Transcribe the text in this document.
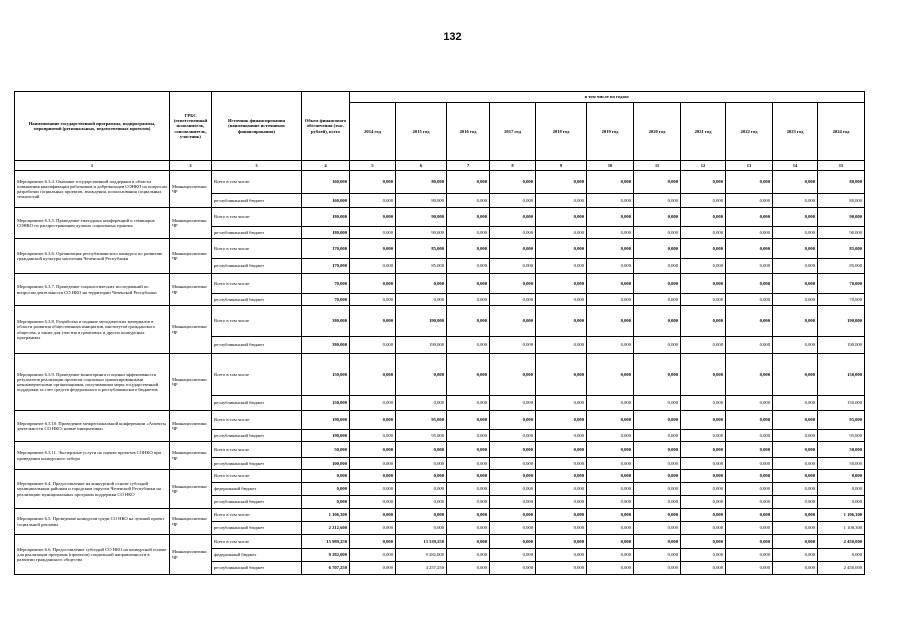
132
Наименование государственной программы, подпрограммы, мероприятий (региональных, ведомственных проектов)	ГРБС (ответственный исполнитель, соисполнитель, участник)	Источник финансирования (наименование источников финансирования)	Объем финансового обеспечения (тыс. рублей), всего	в том числе по годам:										
				2014 год	2015 год	2016 год	2017 год	2018 год	2019 год	2020 год	2021 год	2022 год	2023 год	2024 год
1	2	3	4	5	6	7	8	9	10	11	12	13	14	15
Мероприятие 6.3.4. Оказание государственной поддержки в области повышения квалификации работников и добровольцев СОНКО по вопросам разработки социальных проектов, вхождения, использования социальных технологий	Миннацполитики ЧР	Всего в том числе:	160,000	0,000	80,000	0,000	0,000	0,000	0,000	0,000	0,000	0,000	0,000	80,000
		республиканский бюджет	160,000	0,000	80,000	0,000	0,000	0,000	0,000	0,000	0,000	0,000	0,000	80,000
Мероприятие 6.3.5. Проведение ежегодных конференций и семинаров СОНКО по распространению лучших социальных практик	Миннацполитики ЧР	Всего в том числе:	180,000	0,000	90,000	0,000	0,000	0,000	0,000	0,000	0,000	0,000	0,000	90,000
		республиканский бюджет	180,000	0,000	90,000	0,000	0,000	0,000	0,000	0,000	0,000	0,000	0,000	90,000
Мероприятие 6.3.6. Организация республиканского конкурса по развитию гражданской культуры населения Чеченской Республики	Миннацполитики ЧР	Всего в том числе	170,000	0,000	85,000	0,000	0,000	0,000	0,000	0,000	0,000	0,000	0,000	85,000
		республиканский бюджет	170,000	0,000	85,000	0,000	0,000	0,000	0,000	0,000	0,000	0,000	0,000	85,000
Мероприятие 6.3.7. Проведение социологических исследований по вопросам деятельности СО НКО на территории Чеченской Республики	Миннацполитики ЧР	Всего в том числе:	70,000	0,000	0,000	0,000	0,000	0,000	0,000	0,000	0,000	0,000	0,000	70,000
		республиканский бюджет	70,000	0,000	0,000	0,000	0,000	0,000	0,000	0,000	0,000	0,000	0,000	70,000
Мероприятие 6.3.8. Разработка и издание методических материалов в области развития общественных инициатив, институтов гражданского общества, а также для участия в грантовых и других конкурсных программах	Миннацполитики ЧР	Всего в том числе	380,000	0,000	190,000	0,000	0,000	0,000	0,000	0,000	0,000	0,000	0,000	190,000
		республиканский бюджет	380,000	0,000	190,000	0,000	0,000	0,000	0,000	0,000	0,000	0,000	0,000	190,000
Мероприятие 6.3.9. Проведение мониторинга и оценки эффективности результатов реализации проектов социально ориентированными некоммерческими организациями, получившими меры государственной поддержки за счет средств федерального и республиканского бюджетов	Миннацполитики ЧР	Всего в том числе	150,000	0,000	0,000	0,000	0,000	0,000	0,000	0,000	0,000	0,000	0,000	150,000
		республиканский бюджет	150,000	0,000	0,000	0,000	0,000	0,000	0,000	0,000	0,000	0,000	0,000	150,000
Мероприятие 6.3.10. Проведение межрегиональной конференции «Аспекты деятельности СО НКО: новые инициативы»	Миннацполитики ЧР	Всего в том числе:	190,000	0,000	95,000	0,000	0,000	0,000	0,000	0,000	0,000	0,000	0,000	95,000
		республиканский бюджет	190,000	0,000	95,000	0,000	0,000	0,000	0,000	0,000	0,000	0,000	0,000	95,000
Мероприятие 6.3.11. Экспертные услуги по оценке проектов СОНКО при проведении конкурсного отбора	Миннацполитики ЧР	Всего в том числе	50,000	0,000	0,000	0,000	0,000	0,000	0,000	0,000	0,000	0,000	0,000	50,000
		республиканский бюджет	100,000	0,000	0,000	0,000	0,000	0,000	0,000	0,000	0,000	0,000	0,000	50,000
Мероприятие 6.4. Предоставление на конкурсной основе субсидий муниципальным районам и городским округам Чеченской Республики на реализацию муниципальных программ поддержки СО НКО	Миннацполитики ЧР	Всего в том числе:	0,000	0,000	0,000	0,000	0,000	0,000	0,000	0,000	0,000	0,000	0,000	0,000
		федеральный бюджет	0,000	0,000	0,000	0,000	0,000	0,000	0,000	0,000	0,000	0,000	0,000	0,000
		республиканский бюджет	0,000	0,000	0,000	0,000	0,000	0,000	0,000	0,000	0,000	0,000	0,000	0,000
Мероприятие 6.5. Проведение конкурсов среди СО НКО на лучший проект социальной рекламы	Миннацполитики ЧР	Всего в том числе:	1 106,300	0,000	0,000	0,000	0,000	0,000	0,000	0,000	0,000	0,000	0,000	1 106,300
		республиканский бюджет	2 212,600	0,000	0,000	0,000	0,000	0,000	0,000	0,000	0,000	0,000	0,000	1 106,300
Мероприятие 6.6. Предоставление субсидий СО НКО на конкурсной основе для реализации программ (проектов) социальной направленности в развитии гражданского общества	Миннацполитики ЧР	Всего в том числе	15 989,250	0,000	13 539,250	0,000	0,000	0,000	0,000	0,000	0,000	0,000	0,000	2 450,000
		федеральный бюджет	9 282,000	0,000	9 282,000	0,000	0,000	0,000	0,000	0,000	0,000	0,000	0,000	0,000
		республиканский бюджет	6 707,250	0,000	4 257,250	0,000	0,000	0,000	0,000	0,000	0,000	0,000	0,000	2 450,000
